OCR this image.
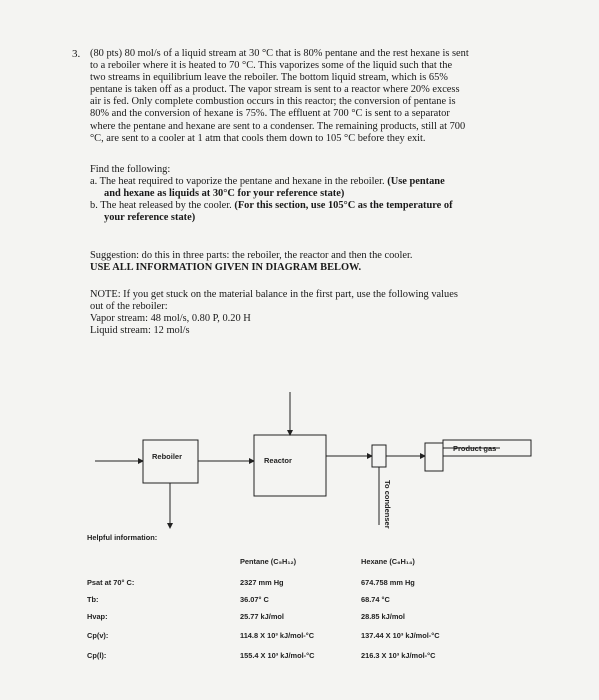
3. (80 pts) 80 mol/s of a liquid stream at 30 °C that is 80% pentane and the rest hexane is sent
to a reboiler where it is heated to 70 °C. This vaporizes some of the liquid such that the
two streams in equilibrium leave the reboiler. The bottom liquid stream, which is 65%
pentane is taken off as a product. The vapor stream is sent to a reactor where 20% excess
air is fed. Only complete combustion occurs in this reactor; the conversion of pentane is
80% and the conversion of hexane is 75%. The effluent at 700 °C is sent to a separator
where the pentane and hexane are sent to a condenser. The remaining products, still at 700
°C, are sent to a cooler at 1 atm that cools them down to 105 °C before they exit.
Find the following:
a. The heat required to vaporize the pentane and hexane in the reboiler. (Use pentane
and hexane as liquids at 30°C for your reference state)
b. The heat released by the cooler. (For this section, use 105°C as the temperature of
your reference state)
Suggestion: do this in three parts: the reboiler, the reactor and then the cooler.
USE ALL INFORMATION GIVEN IN DIAGRAM BELOW.
NOTE: If you get stuck on the material balance in the first part, use the following values
out of the reboiler:
Vapor stream: 48 mol/s, 0.80 P, 0.20 H
Liquid stream: 12 mol/s
Reboiler	Reactor
Product gas
To condenser
Helpful information:
Pentane (C₅H₁₂)	Hexane (C₆H₁₄)
Psat at 70° C:	2327 mm Hg	674.758 mm Hg
Tb:	36.07° C	68.74 °C
Hvap:	25.77 kJ/mol	28.85 kJ/mol
Cp(v):	114.8 X 10³ kJ/mol-°C	137.44 X 10³ kJ/mol-°C
Cp(l):	155.4 X 10³ kJ/mol-°C	216.3 X 10³ kJ/mol-°C
